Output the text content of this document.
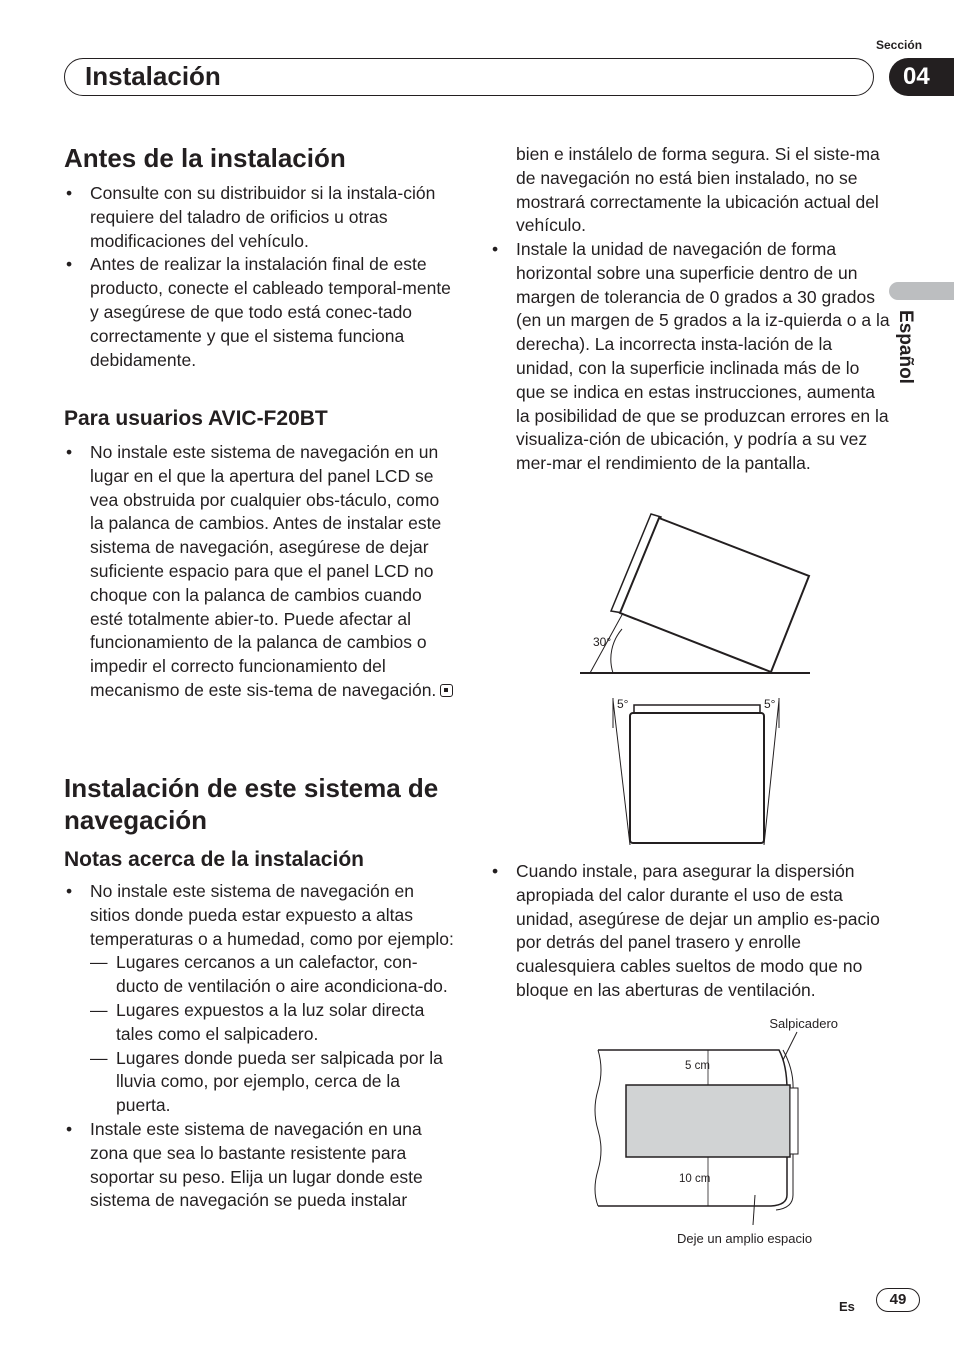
Sección
Instalación	04
Español
Antes de la instalación
• Consulte con su distribuidor si la instala-ción requiere del taladro de orificios u otras modificaciones del vehículo.
• Antes de realizar la instalación final de este producto, conecte el cableado temporal-mente y asegúrese de que todo está conec-tado correctamente y que el sistema funciona debidamente.
Para usuarios AVIC-F20BT
• No instale este sistema de navegación en un lugar en el que la apertura del panel LCD se vea obstruida por cualquier obs-táculo, como la palanca de cambios. Antes de instalar este sistema de navegación, asegúrese de dejar suficiente espacio para que el panel LCD no choque con la palanca de cambios cuando esté totalmente abier-to. Puede afectar al funcionamiento de la palanca de cambios o impedir el correcto funcionamiento del mecanismo de este sis-tema de navegación.
Instalación de este sistema de navegación
Notas acerca de la instalación
• No instale este sistema de navegación en sitios donde pueda estar expuesto a altas temperaturas o a humedad, como por ejemplo:
— Lugares cercanos a un calefactor, con-ducto de ventilación o aire acondiciona-do.
— Lugares expuestos a la luz solar directa tales como el salpicadero.
— Lugares donde pueda ser salpicada por la lluvia como, por ejemplo, cerca de la puerta.
• Instale este sistema de navegación en una zona que sea lo bastante resistente para soportar su peso. Elija un lugar donde este sistema de navegación se pueda instalar
bien e instálelo de forma segura. Si el siste-ma de navegación no está bien instalado, no se mostrará correctamente la ubicación actual del vehículo.
• Instale la unidad de navegación de forma horizontal sobre una superficie dentro de un margen de tolerancia de 0 grados a 30 grados (en un margen de 5 grados a la iz-quierda o a la derecha). La incorrecta insta-lación de la unidad, con la superficie inclinada más de lo que se indica en estas instrucciones, aumenta la posibilidad de que se produzcan errores en la visualiza-ción de ubicación, y podría a su vez mer-mar el rendimiento de la pantalla.
• Cuando instale, para asegurar la dispersión apropiada del calor durante el uso de esta unidad, asegúrese de dejar un amplio es-pacio por detrás del panel trasero y enrolle cualesquiera cables sueltos de modo que no bloque en las aberturas de ventilación.
30°
5°	5°
Salpicadero
5 cm
10 cm
Deje un amplio espacio
Es	49
